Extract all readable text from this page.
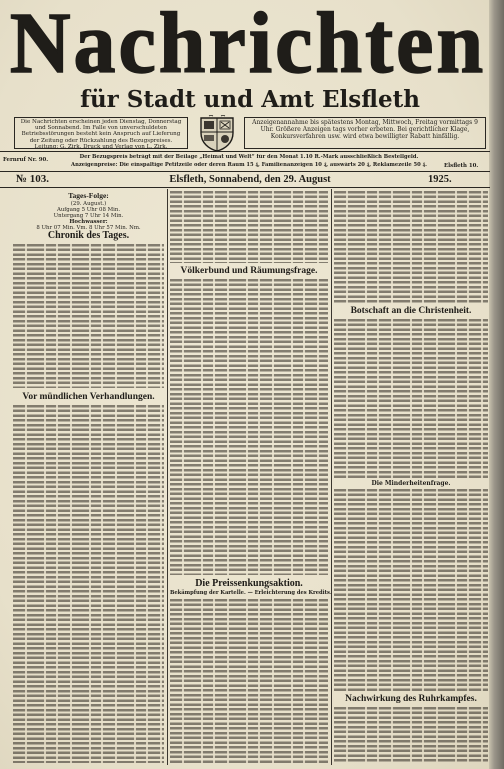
Nachrichten
für Stadt und Amt Elsfleth
Die Nachrichten erscheinen jeden Dienstag, Donnerstag und Sonnabend. Im Falle von unverschuldeten Betriebsstörungen besteht kein Anspruch auf Lieferung der Zeitung oder Rückzahlung des Bezugspreises. Leitung: G. Zirk. Druck und Verlag von L. Zirk.
Anzeigenannahme bis spätestens Montag, Mittwoch, Freitag vormittags 9 Uhr. Größere Anzeigen tags vorher erbeten. Bei gerichtlicher Klage, Konkursverfahren usw. wird etwa bewilligter Rabatt hinfällig.
Fernruf Nr. 90.	Der Bezugspreis beträgt mit der Beilage „Heimat und Welt“ für den Monat 1.10 R.-Mark ausschließlich Bestellgeld.
Anzeigenpreise: Die einspaltige Petitzeile oder deren Raum 15 ₰, Familienanzeigen 10 ₰, auswärts 20 ₰, Reklamezeile 50 ₰.	Elsfleth 10.
№ 103.	Elsfleth, Sonnabend, den 29. August	1925.
Tages-Folge:
(29. August.)
Aufgang 5 Uhr 08 Min.
Untergang 7 Uhr 14 Min.
Hochwasser:
8 Uhr 07 Min. Vm. 8 Uhr 57 Min. Nm.
Chronik des Tages.
Vor mündlichen Verhandlungen.
Völkerbund und Räumungsfrage.
Die Preissenkungsaktion.
Bekämpfung der Kartelle. — Erleichterung des Kredits.
Botschaft an die Christenheit.
Die Minderheitenfrage.
Nachwirkung des Ruhrkampfes.
